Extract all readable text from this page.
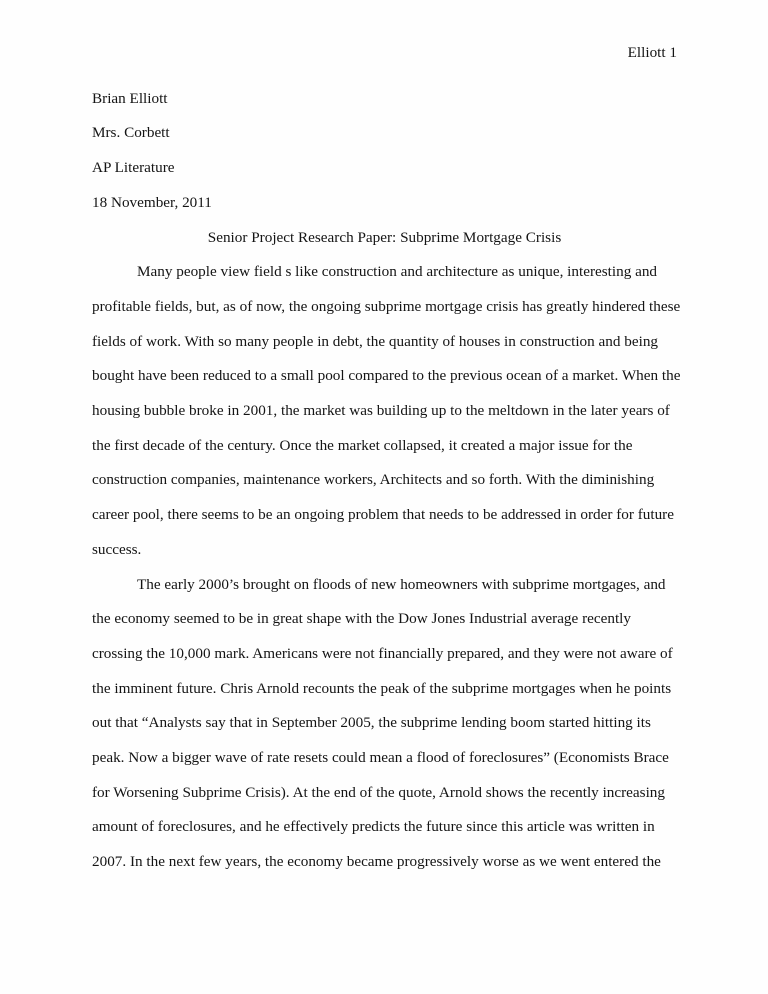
Elliott 1
Brian Elliott
Mrs. Corbett
AP Literature
18 November, 2011
Senior Project Research Paper: Subprime Mortgage Crisis
Many people view field s like construction and architecture as unique, interesting and
profitable fields, but, as of now, the ongoing subprime mortgage crisis has greatly hindered these
fields of work. With so many people in debt, the quantity of houses in construction and being
bought have been reduced to a small pool compared to the previous ocean of a market. When the
housing bubble broke in 2001, the market was building up to the meltdown in the later years of
the first decade of the century. Once the market collapsed, it created a major issue for the
construction companies, maintenance workers, Architects and so forth. With the diminishing
career pool, there seems to be an ongoing problem that needs to be addressed in order for future
success.
The early 2000’s brought on floods of new homeowners with subprime mortgages, and
the economy seemed to be in great shape with the Dow Jones Industrial average recently
crossing the 10,000 mark. Americans were not financially prepared, and they were not aware of
the imminent future. Chris Arnold recounts the peak of the subprime mortgages when he points
out that “Analysts say that in September 2005, the subprime lending boom started hitting its
peak. Now a bigger wave of rate resets could mean a flood of foreclosures” (Economists Brace
for Worsening Subprime Crisis). At the end of the quote, Arnold shows the recently increasing
amount of foreclosures, and he effectively predicts the future since this article was written in
2007. In the next few years, the economy became progressively worse as we went entered the
